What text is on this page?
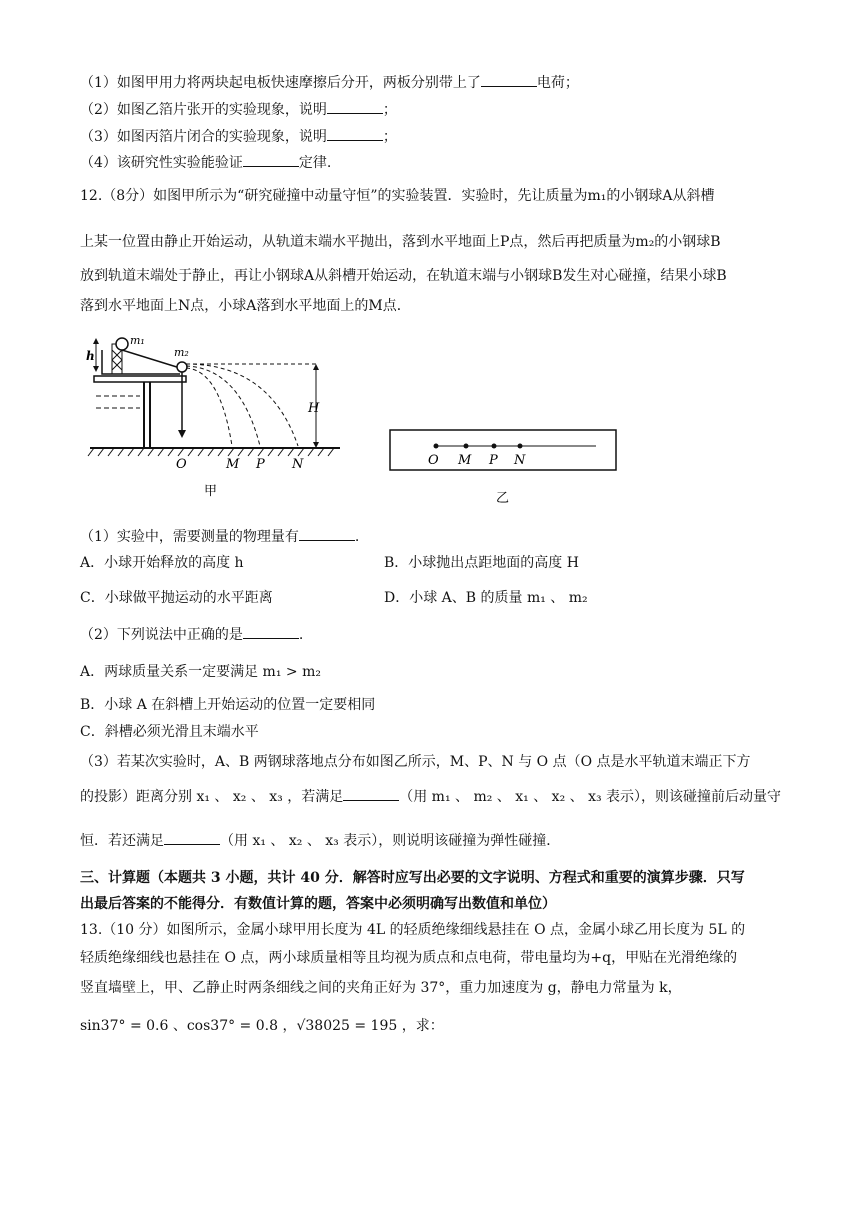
（1）如图甲用力将两块起电板快速摩擦后分开，两板分别带上了	电荷；
（2）如图乙箔片张开的实验现象，说明	；
（3）如图丙箔片闭合的实验现象，说明	；
（4）该研究性实验能验证	定律.
12.（8分）如图甲所示为“研究碰撞中动量守恒”的实验装置．实验时，先让质量为m₁的小钢球A从斜槽
上某一位置由静止开始运动，从轨道末端水平抛出，落到水平地面上P点，然后再把质量为m₂的小钢球B
放到轨道末端处于静止，再让小钢球A从斜槽开始运动，在轨道末端与小钢球B发生对心碰撞，结果小球B
落到水平地面上N点，小球A落到水平地面上的M点．
h
m₁
m₂
H
O	M P N
甲
O M P N
乙
（1）实验中，需要测量的物理量有	.
A．小球开始释放的高度 h	B．小球抛出点距地面的高度 H
C．小球做平抛运动的水平距离	D．小球 A、B 的质量 m₁ 、 m₂
（2）下列说法中正确的是	.
A．两球质量关系一定要满足 m₁ > m₂
B．小球 A 在斜槽上开始运动的位置一定要相同
C．斜槽必须光滑且末端水平
（3）若某次实验时，A、B 两钢球落地点分布如图乙所示，M、P、N 与 O 点（O 点是水平轨道末端正下方
的投影）距离分别 x₁ 、 x₂ 、 x₃ ，若满足	（用 m₁ 、 m₂ 、 x₁ 、 x₂ 、 x₃ 表示），则该碰撞前后动量守
恒．若还满足	（用 x₁ 、 x₂ 、 x₃ 表示），则说明该碰撞为弹性碰撞．
三、计算题（本题共 3 小题，共计 40 分．解答时应写出必要的文字说明、方程式和重要的演算步骤．只写
出最后答案的不能得分．有数值计算的题，答案中必须明确写出数值和单位）
13.（10 分）如图所示，金属小球甲用长度为 4L 的轻质绝缘细线悬挂在 O 点，金属小球乙用长度为 5L 的
轻质绝缘细线也悬挂在 O 点，两小球质量相等且均视为质点和点电荷，带电量均为+q，甲贴在光滑绝缘的
竖直墙壁上，甲、乙静止时两条细线之间的夹角正好为 37°，重力加速度为 g，静电力常量为 k，
sin37° = 0.6 、cos37° = 0.8 ，√38025 = 195 ，求：
